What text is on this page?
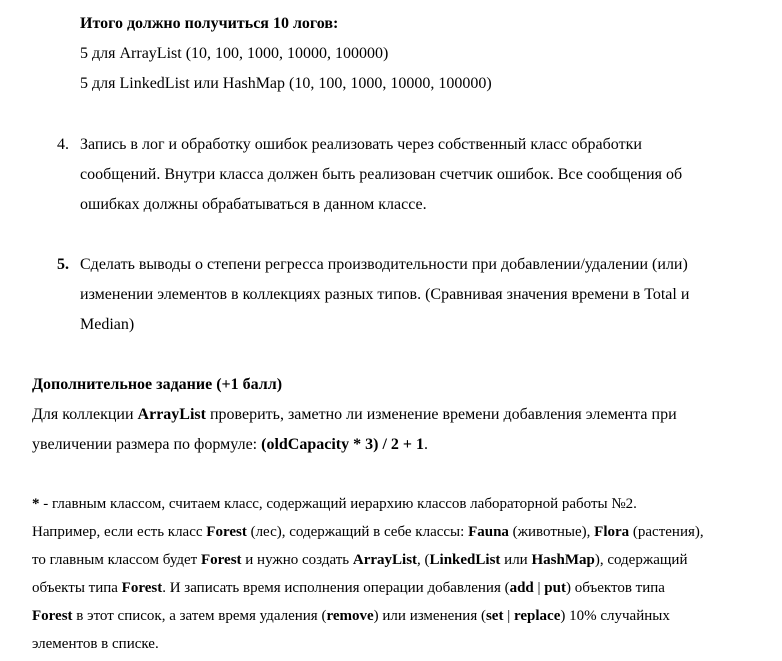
Итого должно получиться 10 логов:
5 для ArrayList (10, 100, 1000, 10000, 100000)
5 для LinkedList или HashMap (10, 100, 1000, 10000, 100000)
4. Запись в лог и обработку ошибок реализовать через собственный класс обработки
сообщений. Внутри класса должен быть реализован счетчик ошибок. Все сообщения об
ошибках должны обрабатываться в данном классе.
5. Сделать выводы о степени регресса производительности при добавлении/удалении (или)
изменении элементов в коллекциях разных типов. (Сравнивая значения времени в Total и
Median)
Дополнительное задание (+1 балл)
Для коллекции ArrayList проверить, заметно ли изменение времени добавления элемента при
увеличении размера по формуле: (oldCapacity * 3) / 2 + 1.
* - главным классом, считаем класс, содержащий иерархию классов лабораторной работы №2.
Например, если есть класс Forest (лес), содержащий в себе классы: Fauna (животные), Flora (растения),
то главным классом будет Forest и нужно создать ArrayList, (LinkedList или HashMap), содержащий
объекты типа Forest. И записать время исполнения операции добавления (add | put) объектов типа
Forest в этот список, а затем время удаления (remove) или изменения (set | replace) 10% случайных
элементов в списке.
